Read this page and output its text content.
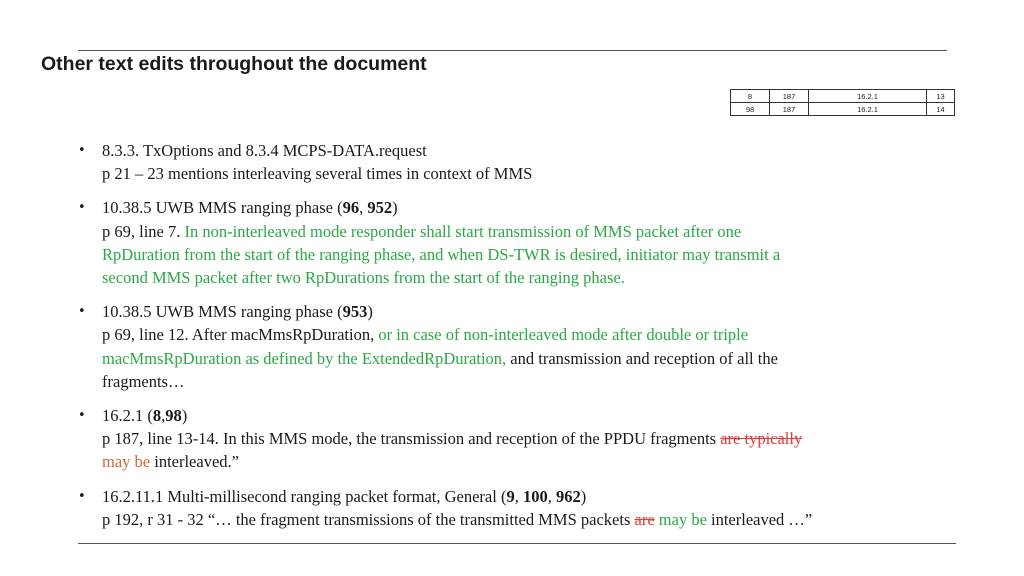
Other text edits throughout the document
8	187	16.2.1	13
98	187	16.2.1	14
• 8.3.3. TxOptions and 8.3.4 MCPS-DATA.request
p 21 – 23 mentions interleaving several times in context of MMS
• 10.38.5 UWB MMS ranging phase (96, 952)
p 69, line 7. In non-interleaved mode responder shall start transmission of MMS packet after one
RpDuration from the start of the ranging phase, and when DS-TWR is desired, initiator may transmit a
second MMS packet after two RpDurations from the start of the ranging phase.
• 10.38.5 UWB MMS ranging phase (953)
p 69, line 12. After macMmsRpDuration, or in case of non-interleaved mode after double or triple
macMmsRpDuration as defined by the ExtendedRpDuration, and transmission and reception of all the
fragments…
• 16.2.1 (8,98)
p 187, line 13-14. In this MMS mode, the transmission and reception of the PPDU fragments are typically
may be interleaved.”
• 16.2.11.1 Multi-millisecond ranging packet format, General (9, 100, 962)
p 192, r 31 - 32 “… the fragment transmissions of the transmitted MMS packets are may be interleaved …”
